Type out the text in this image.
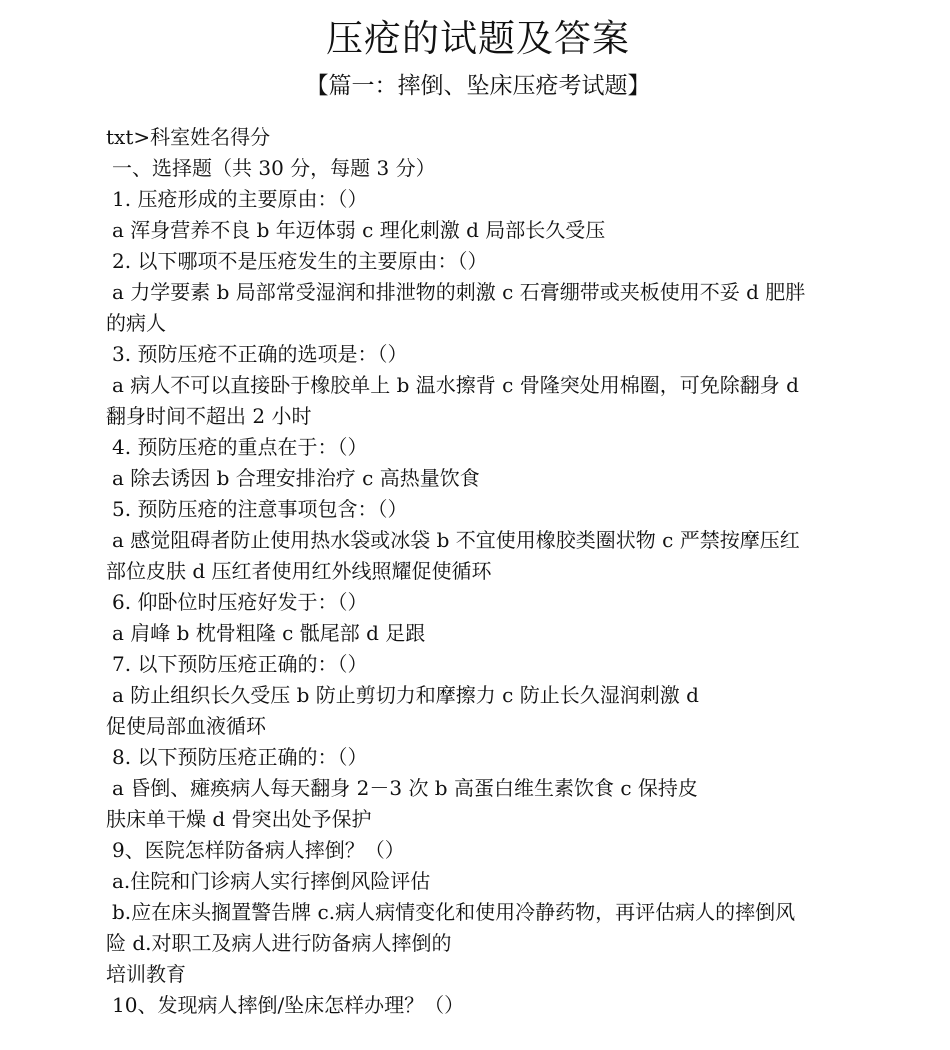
压疮的试题及答案
【篇一：摔倒、坠床压疮考试题】

txt>科室姓名得分

一、选择题（共 30 分，每题 3 分）

1. 压疮形成的主要原由：（）

a 浑身营养不良 b 年迈体弱 c 理化刺激 d 局部长久受压

2. 以下哪项不是压疮发生的主要原由：（）

a 力学要素 b 局部常受湿润和排泄物的刺激 c 石膏绷带或夹板使用不妥 d 肥胖

的病人

3. 预防压疮不正确的选项是：（）

a 病人不可以直接卧于橡胶单上 b 温水擦背 c 骨隆突处用棉圈，可免除翻身 d

翻身时间不超出 2 小时

4. 预防压疮的重点在于：（）

a 除去诱因 b 合理安排治疗 c 高热量饮食

5. 预防压疮的注意事项包含：（）

a 感觉阻碍者防止使用热水袋或冰袋 b 不宜使用橡胶类圈状物 c 严禁按摩压红

部位皮肤 d 压红者使用红外线照耀促使循环

6. 仰卧位时压疮好发于：（）

a 肩峰 b 枕骨粗隆 c 骶尾部 d 足跟

7. 以下预防压疮正确的：（）

a 防止组织长久受压 b 防止剪切力和摩擦力 c 防止长久湿润刺激 d

促使局部血液循环

8. 以下预防压疮正确的：（）

a 昏倒、瘫痪病人每天翻身 2－3 次 b 高蛋白维生素饮食 c 保持皮

肤床单干燥 d 骨突出处予保护

9、医院怎样防备病人摔倒？（）

a.住院和门诊病人实行摔倒风险评估

b.应在床头搁置警告牌 c.病人病情变化和使用冷静药物，再评估病人的摔倒风

险 d.对职工及病人进行防备病人摔倒的

培训教育

10、发现病人摔倒/坠床怎样办理？（）
